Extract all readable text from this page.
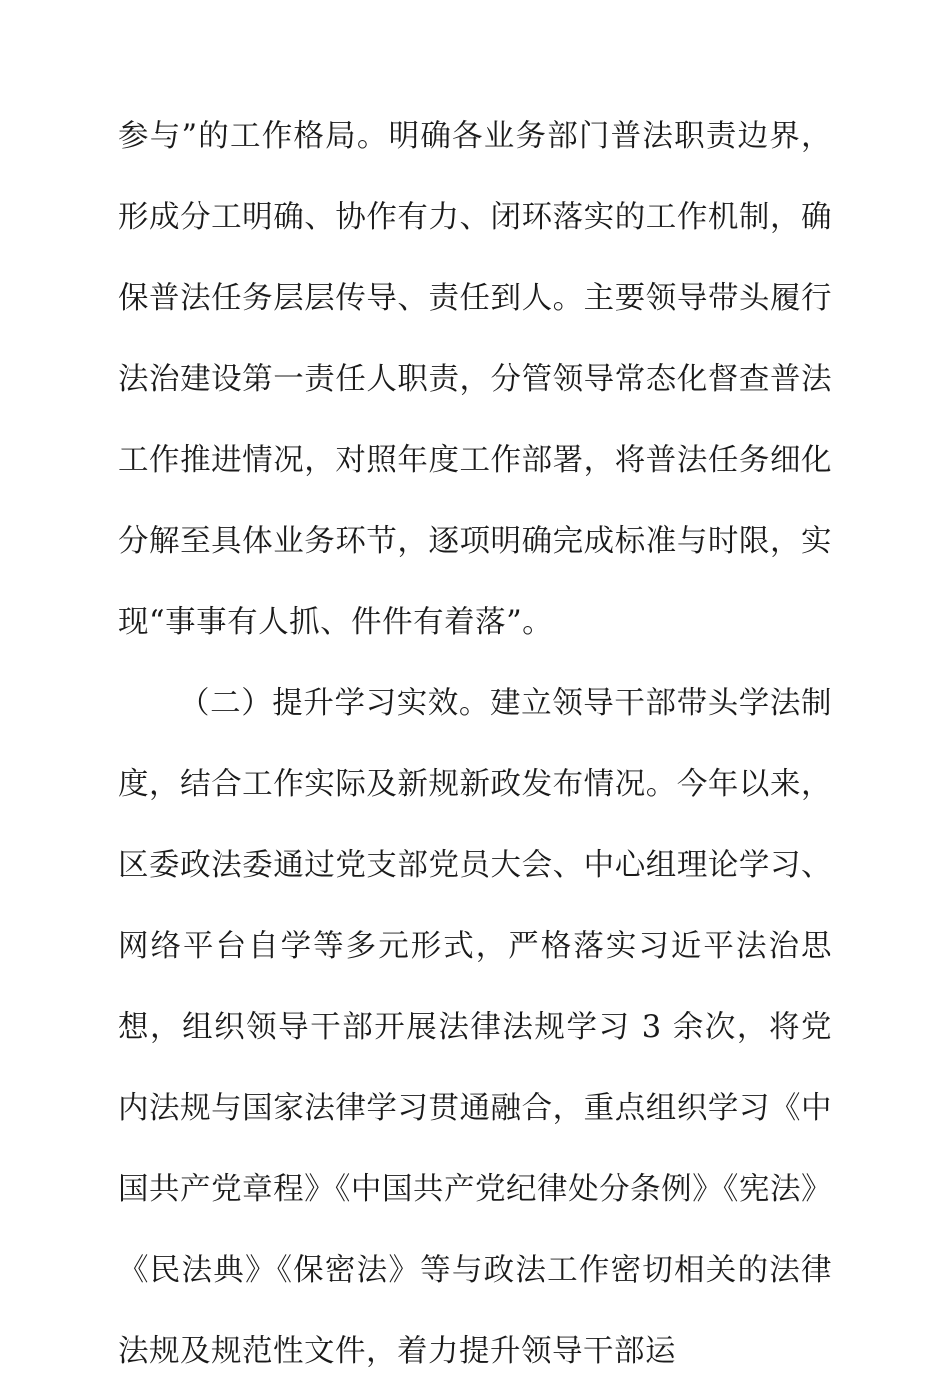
参与”的工作格局。明确各业务部门普法职责边界，形成分工明确、协作有力、闭环落实的工作机制，确保普法任务层层传导、责任到人。主要领导带头履行法治建设第一责任人职责，分管领导常态化督查普法工作推进情况，对照年度工作部署，将普法任务细化分解至具体业务环节，逐项明确完成标准与时限，实现“事事有人抓、件件有着落”。

（二）提升学习实效。建立领导干部带头学法制度，结合工作实际及新规新政发布情况。今年以来，区委政法委通过党支部党员大会、中心组理论学习、网络平台自学等多元形式，严格落实习近平法治思想，组织领导干部开展法律法规学习 3 余次，将党内法规与国家法律学习贯通融合，重点组织学习《中国共产党章程》《中国共产党纪律处分条例》《宪法》《民法典》《保密法》等与政法工作密切相关的法律法规及规范性文件，着力提升领导干部运
